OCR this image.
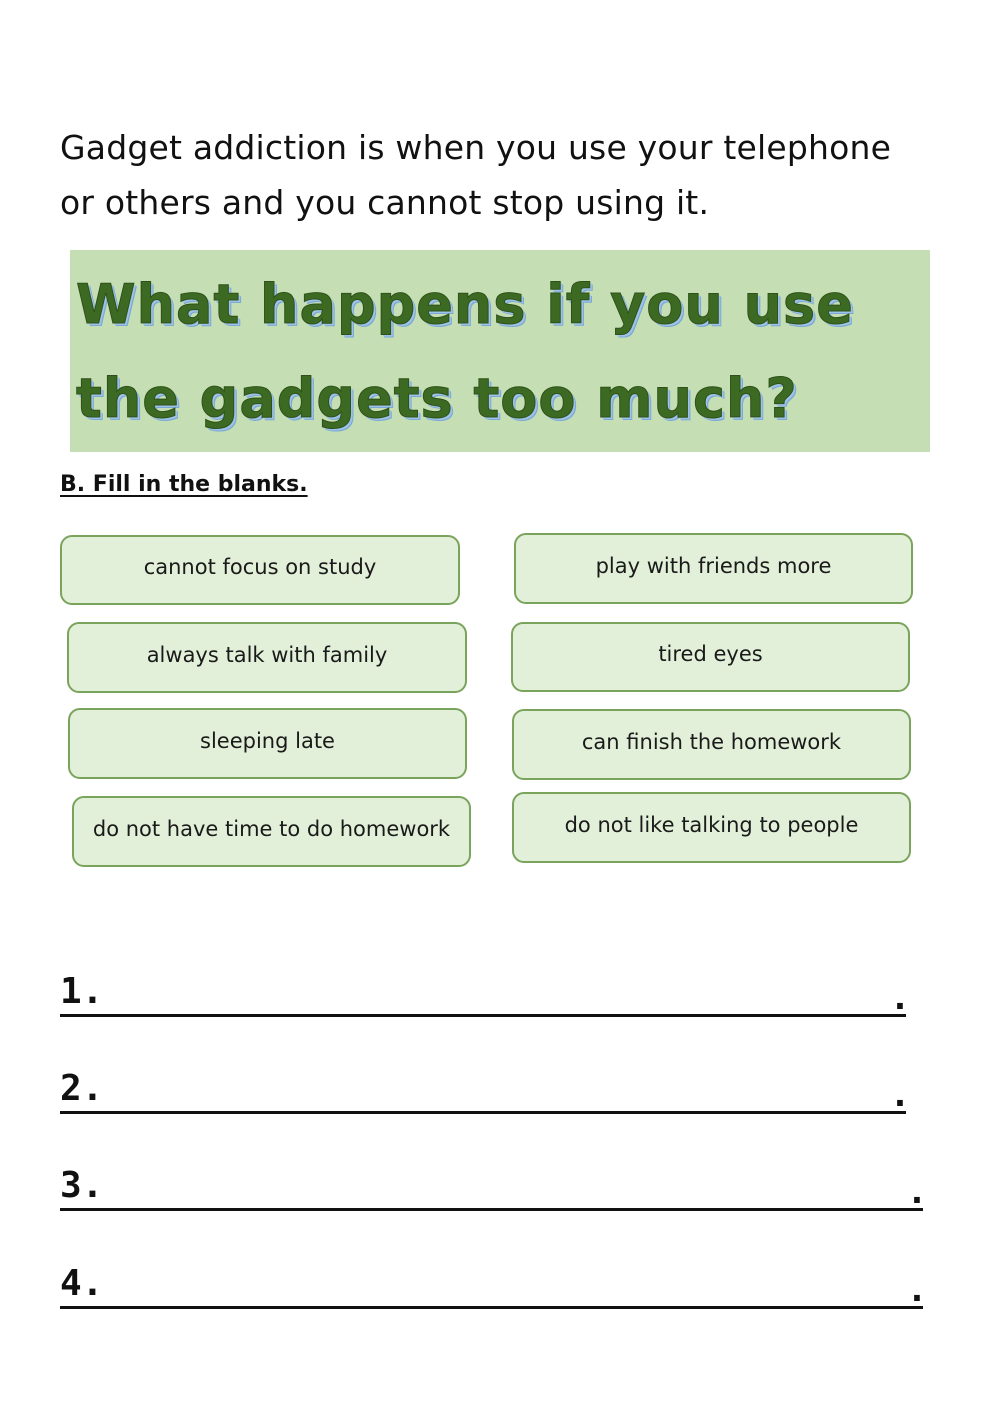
Gadget addiction is when you use your telephone
or others and you cannot stop using it.
What happens if you use
the gadgets too much?
B. Fill in the blanks.
cannot focus on study	play with friends more
always talk with family	tired eyes
sleeping late	can finish the homework
do not have time to do homework	do not like talking to people
1.	.
2.	.
3.	.
4.	.
